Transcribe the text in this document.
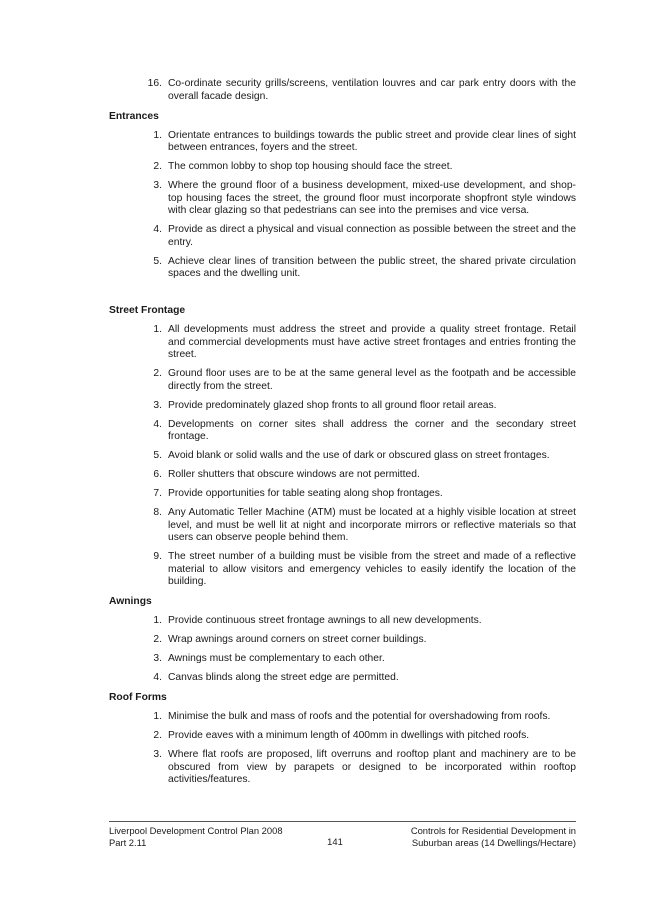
16. Co-ordinate security grills/screens, ventilation louvres and car park entry doors with the overall facade design.
Entrances
1. Orientate entrances to buildings towards the public street and provide clear lines of sight between entrances, foyers and the street.
2. The common lobby to shop top housing should face the street.
3. Where the ground floor of a business development, mixed-use development, and shop-top housing faces the street, the ground floor must incorporate shopfront style windows with clear glazing so that pedestrians can see into the premises and vice versa.
4. Provide as direct a physical and visual connection as possible between the street and the entry.
5. Achieve clear lines of transition between the public street, the shared private circulation spaces and the dwelling unit.
Street Frontage
1. All developments must address the street and provide a quality street frontage. Retail and commercial developments must have active street frontages and entries fronting the street.
2. Ground floor uses are to be at the same general level as the footpath and be accessible directly from the street.
3. Provide predominately glazed shop fronts to all ground floor retail areas.
4. Developments on corner sites shall address the corner and the secondary street frontage.
5. Avoid blank or solid walls and the use of dark or obscured glass on street frontages.
6. Roller shutters that obscure windows are not permitted.
7. Provide opportunities for table seating along shop frontages.
8. Any Automatic Teller Machine (ATM) must be located at a highly visible location at street level, and must be well lit at night and incorporate mirrors or reflective materials so that users can observe people behind them.
9. The street number of a building must be visible from the street and made of a reflective material to allow visitors and emergency vehicles to easily identify the location of the building.
Awnings
1. Provide continuous street frontage awnings to all new developments.
2. Wrap awnings around corners on street corner buildings.
3. Awnings must be complementary to each other.
4. Canvas blinds along the street edge are permitted.
Roof Forms
1. Minimise the bulk and mass of roofs and the potential for overshadowing from roofs.
2. Provide eaves with a minimum length of 400mm in dwellings with pitched roofs.
3. Where flat roofs are proposed, lift overruns and rooftop plant and machinery are to be obscured from view by parapets or designed to be incorporated within rooftop activities/features.
Liverpool Development Control Plan 2008
Part 2.11	141
Controls for Residential Development in
Suburban areas (14 Dwellings/Hectare)
